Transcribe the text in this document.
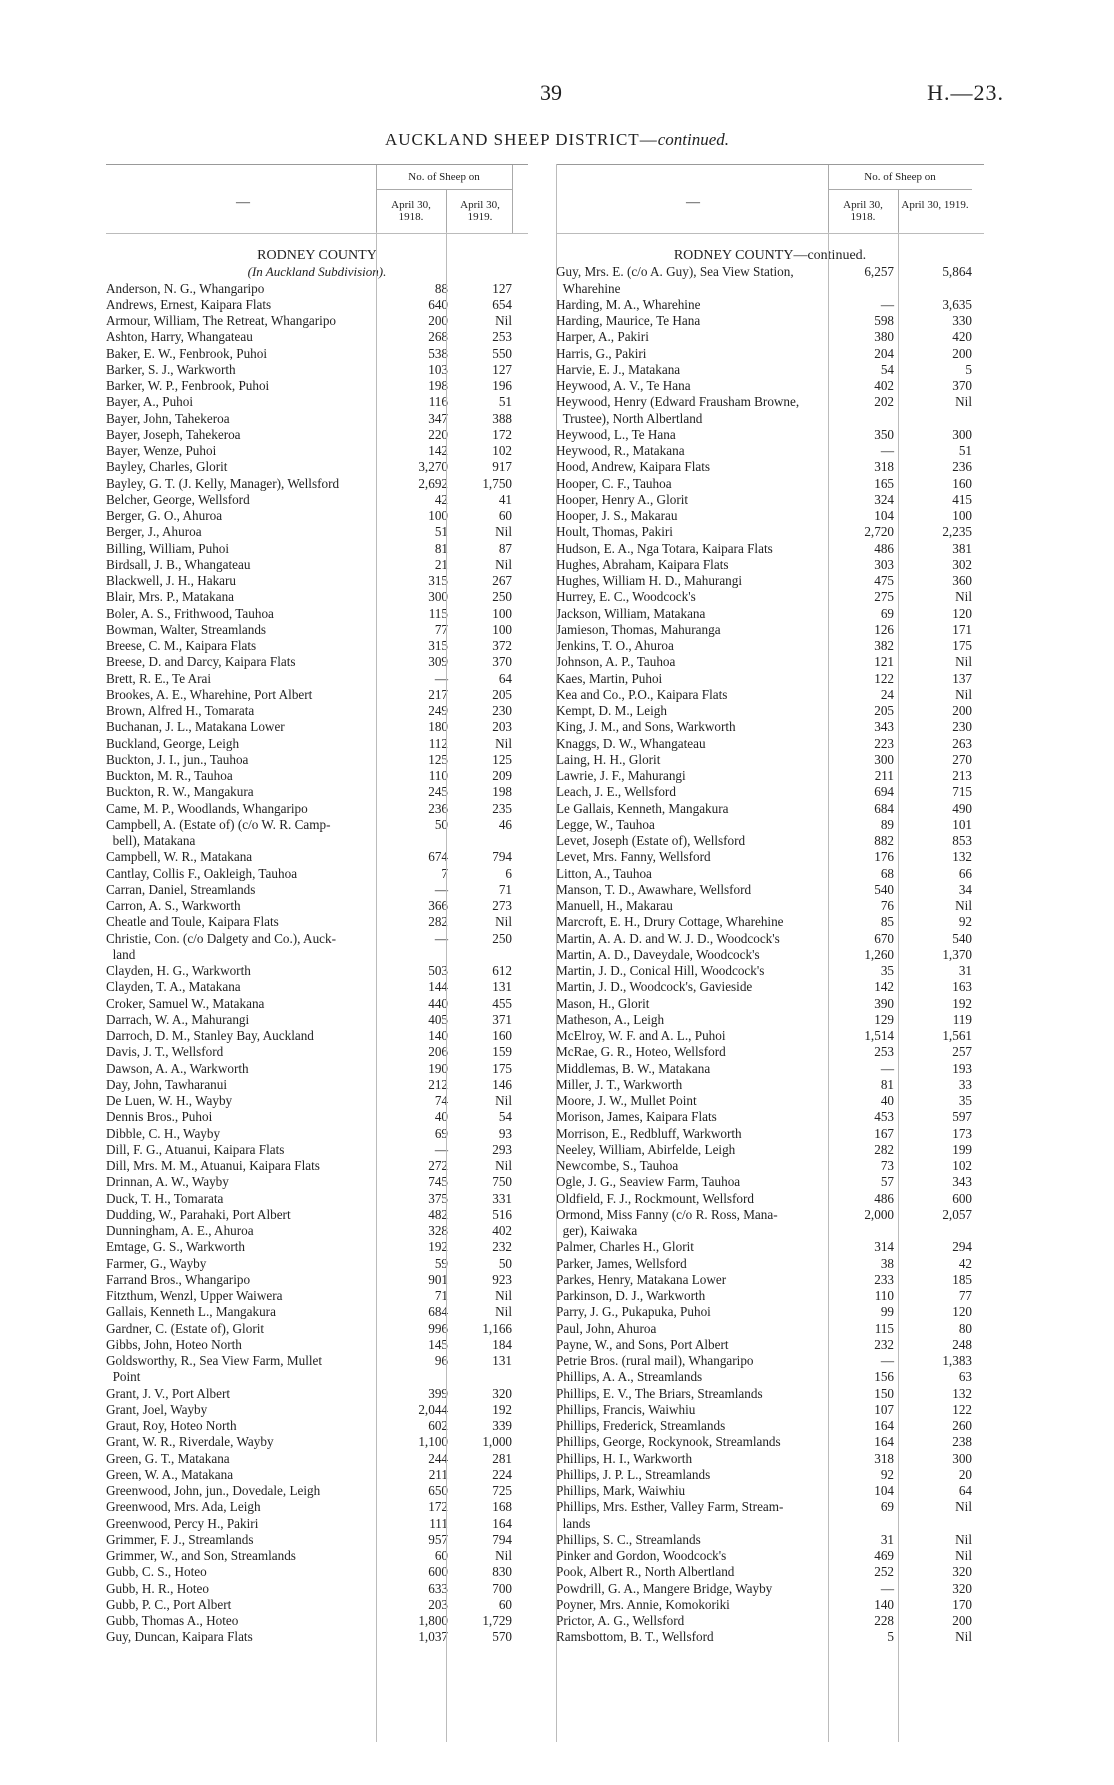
39	H.—23.
AUCKLAND SHEEP DISTRICT—continued.
—
No. of Sheep on
April 30, 1918.
April 30, 1919.
RODNEY COUNTY
(In Auckland Subdivision).
Anderson, N. G., Whangaripo	88	127
Andrews, Ernest, Kaipara Flats	640	654
Armour, William, The Retreat, Whangaripo	200	Nil
Ashton, Harry, Whangateau	268	253
Baker, E. W., Fenbrook, Puhoi	538	550
Barker, S. J., Warkworth	103	127
Barker, W. P., Fenbrook, Puhoi	198	196
Bayer, A., Puhoi	116	51
Bayer, John, Tahekeroa	347	388
Bayer, Joseph, Tahekeroa	220	172
Bayer, Wenze, Puhoi	142	102
Bayley, Charles, Glorit	3,270	917
Bayley, G. T. (J. Kelly, Manager), Wellsford	2,692	1,750
Belcher, George, Wellsford	42	41
Berger, G. O., Ahuroa	100	60
Berger, J., Ahuroa	51	Nil
Billing, William, Puhoi	81	87
Birdsall, J. B., Whangateau	21	Nil
Blackwell, J. H., Hakaru	315	267
Blair, Mrs. P., Matakana	300	250
Boler, A. S., Frithwood, Tauhoa	115	100
Bowman, Walter, Streamlands	77	100
Breese, C. M., Kaipara Flats	315	372
Breese, D. and Darcy, Kaipara Flats	309	370
Brett, R. E., Te Arai	—	64
Brookes, A. E., Wharehine, Port Albert	217	205
Brown, Alfred H., Tomarata	249	230
Buchanan, J. L., Matakana Lower	180	203
Buckland, George, Leigh	112	Nil
Buckton, J. I., jun., Tauhoa	125	125
Buckton, M. R., Tauhoa	110	209
Buckton, R. W., Mangakura	245	198
Came, M. P., Woodlands, Whangaripo	236	235
Campbell, A. (Estate of) (c/o W. R. Camp-
bell), Matakana
50	46
Campbell, W. R., Matakana	674	794
Cantlay, Collis F., Oakleigh, Tauhoa	7	6
Carran, Daniel, Streamlands	—	71
Carron, A. S., Warkworth	366	273
Cheatle and Toule, Kaipara Flats	282	Nil
Christie, Con. (c/o Dalgety and Co.), Auck-
land
—	250
Clayden, H. G., Warkworth	503	612
Clayden, T. A., Matakana	144	131
Croker, Samuel W., Matakana	440	455
Darrach, W. A., Mahurangi	405	371
Darroch, D. M., Stanley Bay, Auckland	140	160
Davis, J. T., Wellsford	206	159
Dawson, A. A., Warkworth	190	175
Day, John, Tawharanui	212	146
De Luen, W. H., Wayby	74	Nil
Dennis Bros., Puhoi	40	54
Dibble, C. H., Wayby	69	93
Dill, F. G., Atuanui, Kaipara Flats	—	293
Dill, Mrs. M. M., Atuanui, Kaipara Flats	272	Nil
Drinnan, A. W., Wayby	745	750
Duck, T. H., Tomarata	375	331
Dudding, W., Parahaki, Port Albert	482	516
Dunningham, A. E., Ahuroa	328	402
Emtage, G. S., Warkworth	192	232
Farmer, G., Wayby	59	50
Farrand Bros., Whangaripo	901	923
Fitzthum, Wenzl, Upper Waiwera	71	Nil
Gallais, Kenneth L., Mangakura	684	Nil
Gardner, C. (Estate of), Glorit	996	1,166
Gibbs, John, Hoteo North	145	184
Goldsworthy, R., Sea View Farm, Mullet
Point
96	131
Grant, J. V., Port Albert	399	320
Grant, Joel, Wayby	2,044	192
Graut, Roy, Hoteo North	602	339
Grant, W. R., Riverdale, Wayby	1,100	1,000
Green, G. T., Matakana	244	281
Green, W. A., Matakana	211	224
Greenwood, John, jun., Dovedale, Leigh	650	725
Greenwood, Mrs. Ada, Leigh	172	168
Greenwood, Percy H., Pakiri	111	164
Grimmer, F. J., Streamlands	957	794
Grimmer, W., and Son, Streamlands	60	Nil
Gubb, C. S., Hoteo	600	830
Gubb, H. R., Hoteo	633	700
Gubb, P. C., Port Albert	203	60
Gubb, Thomas A., Hoteo	1,800	1,729
Guy, Duncan, Kaipara Flats	1,037	570
—
No. of Sheep on
April 30, 1918.
April 30, 1919.
RODNEY COUNTY—continued.
Guy, Mrs. E. (c/o A. Guy), Sea View Station,
Wharehine
6,257	5,864
Harding, M. A., Wharehine	—	3,635
Harding, Maurice, Te Hana	598	330
Harper, A., Pakiri	380	420
Harris, G., Pakiri	204	200
Harvie, E. J., Matakana	54	5
Heywood, A. V., Te Hana	402	370
Heywood, Henry (Edward Frausham Browne,
Trustee), North Albertland
202	Nil
Heywood, L., Te Hana	350	300
Heywood, R., Matakana	—	51
Hood, Andrew, Kaipara Flats	318	236
Hooper, C. F., Tauhoa	165	160
Hooper, Henry A., Glorit	324	415
Hooper, J. S., Makarau	104	100
Hoult, Thomas, Pakiri	2,720	2,235
Hudson, E. A., Nga Totara, Kaipara Flats	486	381
Hughes, Abraham, Kaipara Flats	303	302
Hughes, William H. D., Mahurangi	475	360
Hurrey, E. C., Woodcock's	275	Nil
Jackson, William, Matakana	69	120
Jamieson, Thomas, Mahuranga	126	171
Jenkins, T. O., Ahuroa	382	175
Johnson, A. P., Tauhoa	121	Nil
Kaes, Martin, Puhoi	122	137
Kea and Co., P.O., Kaipara Flats	24	Nil
Kempt, D. M., Leigh	205	200
King, J. M., and Sons, Warkworth	343	230
Knaggs, D. W., Whangateau	223	263
Laing, H. H., Glorit	300	270
Lawrie, J. F., Mahurangi	211	213
Leach, J. E., Wellsford	694	715
Le Gallais, Kenneth, Mangakura	684	490
Legge, W., Tauhoa	89	101
Levet, Joseph (Estate of), Wellsford	882	853
Levet, Mrs. Fanny, Wellsford	176	132
Litton, A., Tauhoa	68	66
Manson, T. D., Awawhare, Wellsford	540	34
Manuell, H., Makarau	76	Nil
Marcroft, E. H., Drury Cottage, Wharehine	85	92
Martin, A. A. D. and W. J. D., Woodcock's	670	540
Martin, A. D., Daveydale, Woodcock's	1,260	1,370
Martin, J. D., Conical Hill, Woodcock's	35	31
Martin, J. D., Woodcock's, Gavieside	142	163
Mason, H., Glorit	390	192
Matheson, A., Leigh	129	119
McElroy, W. F. and A. L., Puhoi	1,514	1,561
McRae, G. R., Hoteo, Wellsford	253	257
Middlemas, B. W., Matakana	—	193
Miller, J. T., Warkworth	81	33
Moore, J. W., Mullet Point	40	35
Morison, James, Kaipara Flats	453	597
Morrison, E., Redbluff, Warkworth	167	173
Neeley, William, Abirfelde, Leigh	282	199
Newcombe, S., Tauhoa	73	102
Ogle, J. G., Seaview Farm, Tauhoa	57	343
Oldfield, F. J., Rockmount, Wellsford	486	600
Ormond, Miss Fanny (c/o R. Ross, Mana-
ger), Kaiwaka
2,000	2,057
Palmer, Charles H., Glorit	314	294
Parker, James, Wellsford	38	42
Parkes, Henry, Matakana Lower	233	185
Parkinson, D. J., Warkworth	110	77
Parry, J. G., Pukapuka, Puhoi	99	120
Paul, John, Ahuroa	115	80
Payne, W., and Sons, Port Albert	232	248
Petrie Bros. (rural mail), Whangaripo	—	1,383
Phillips, A. A., Streamlands	156	63
Phillips, E. V., The Briars, Streamlands	150	132
Phillips, Francis, Waiwhiu	107	122
Phillips, Frederick, Streamlands	164	260
Phillips, George, Rockynook, Streamlands	164	238
Phillips, H. I., Warkworth	318	300
Phillips, J. P. L., Streamlands	92	20
Phillips, Mark, Waiwhiu	104	64
Phillips, Mrs. Esther, Valley Farm, Stream-
lands
69	Nil
Phillips, S. C., Streamlands	31	Nil
Pinker and Gordon, Woodcock's	469	Nil
Pook, Albert R., North Albertland	252	320
Powdrill, G. A., Mangere Bridge, Wayby	—	320
Poyner, Mrs. Annie, Komokoriki	140	170
Prictor, A. G., Wellsford	228	200
Ramsbottom, B. T., Wellsford	5	Nil
